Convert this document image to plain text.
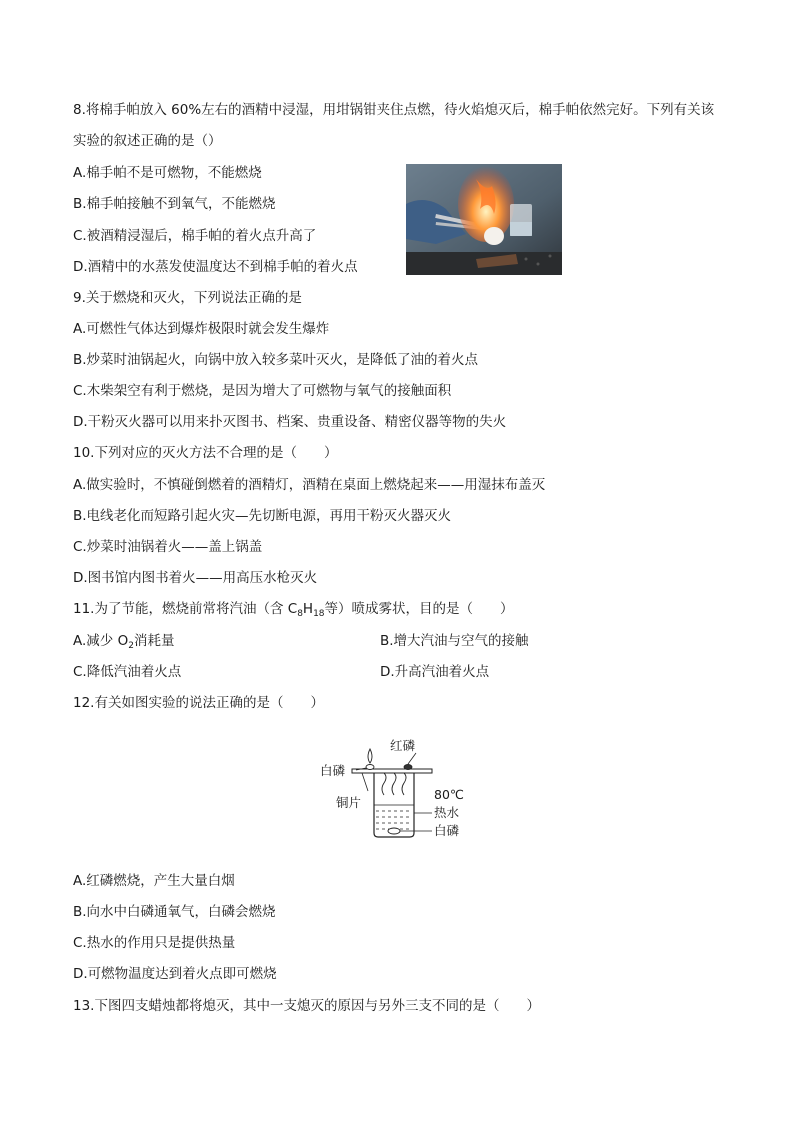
8.将棉手帕放入 60%左右的酒精中浸湿，用坩锅钳夹住点燃，待火焰熄灭后，棉手帕依然完好。下列有关该
实验的叙述正确的是（）
A.棉手帕不是可燃物，不能燃烧
B.棉手帕接触不到氧气，不能燃烧
C.被酒精浸湿后，棉手帕的着火点升高了
D.酒精中的水蒸发使温度达不到棉手帕的着火点
9.关于燃烧和灭火，下列说法正确的是
A.可燃性气体达到爆炸极限时就会发生爆炸
B.炒菜时油锅起火，向锅中放入较多菜叶灭火，是降低了油的着火点
C.木柴架空有利于燃烧，是因为增大了可燃物与氧气的接触面积
D.干粉灭火器可以用来扑灭图书、档案、贵重设备、精密仪器等物的失火
10.下列对应的灭火方法不合理的是（　　）
A.做实验时，不慎碰倒燃着的酒精灯，酒精在桌面上燃烧起来——用湿抹布盖灭
B.电线老化而短路引起火灾—先切断电源，再用干粉灭火器灭火
C.炒菜时油锅着火——盖上锅盖
D.图书馆内图书着火——用高压水枪灭火
11.为了节能，燃烧前常将汽油（含 $C_8H_{18}$等）喷成雾状，目的是（　　）
A.减少 $O_2$消耗量	B.增大汽油与空气的接触
C.降低汽油着火点	D.升高汽油着火点
12.有关如图实验的说法正确的是（　　）
红磷
白磷
铜片
80℃
热水
白磷
A.红磷燃烧，产生大量白烟
B.向水中白磷通氧气，白磷会燃烧
C.热水的作用只是提供热量
D.可燃物温度达到着火点即可燃烧
13.下图四支蜡烛都将熄灭，其中一支熄灭的原因与另外三支不同的是（　　）
